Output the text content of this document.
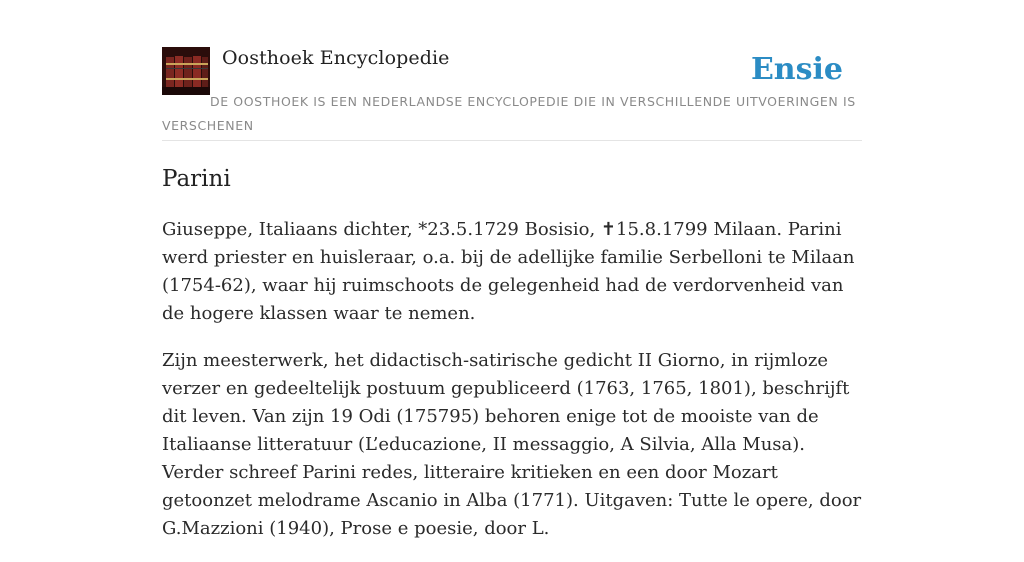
Oosthoek Encyclopedie	Ensie
DE OOSTHOEK IS EEN NEDERLANDSE ENCYCLOPEDIE DIE IN VERSCHILLENDE UITVOERINGEN IS VERSCHENEN
Parini

Giuseppe, Italiaans dichter, *23.5.1729 Bosisio, ✝15.8.1799 Milaan. Parini werd priester en huisleraar, o.a. bij de adellijke familie Serbelloni te Milaan (1754-62), waar hij ruimschoots de gelegenheid had de verdorvenheid van de hogere klassen waar te nemen.

Zijn meesterwerk, het didactisch-satirische gedicht II Giorno, in rijmloze verzer en gedeeltelijk postuum gepubliceerd (1763, 1765, 1801), beschrijft dit leven. Van zijn 19 Odi (175795) behoren enige tot de mooiste van de Italiaanse litteratuur (L’educazione, II messaggio, A Silvia, Alla Musa). Verder schreef Parini redes, litteraire kritieken en een door Mozart getoonzet melodrame Ascanio in Alba (1771). Uitgaven: Tutte le opere, door G.Mazzioni (1940), Prose e poesie, door L.
